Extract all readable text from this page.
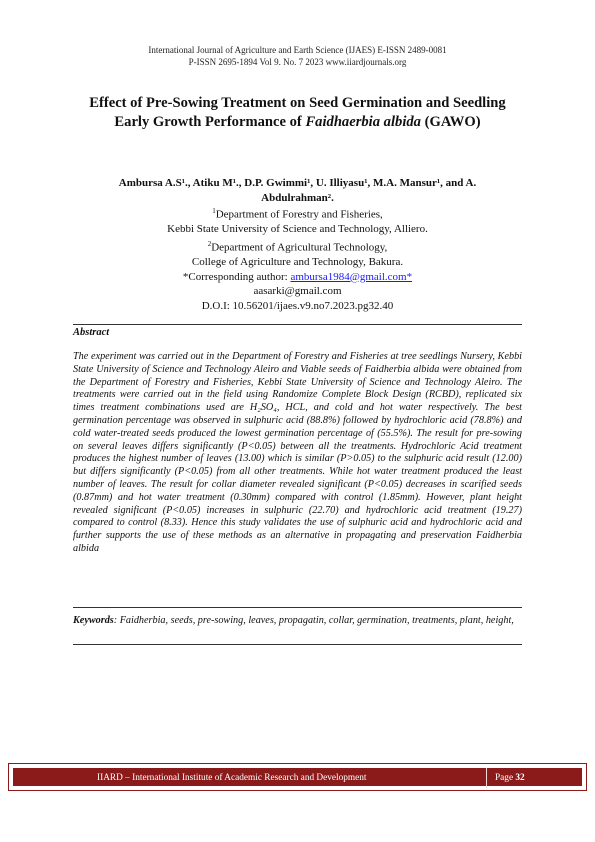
International Journal of Agriculture and Earth Science (IJAES) E-ISSN 2489-0081
P-ISSN 2695-1894 Vol 9. No. 7 2023 www.iiardjournals.org
Effect of Pre-Sowing Treatment on Seed Germination and Seedling Early Growth Performance of Faidhaerbia albida (GAWO)
Ambursa A.S¹., Atiku M¹., D.P. Gwimmi¹, U. Illiyasu¹, M.A. Mansur¹, and A.
Abdulrahman².
$^1$Department of Forestry and Fisheries,
Kebbi State University of Science and Technology, Alliero.
$^2$Department of Agricultural Technology,
College of Agriculture and Technology, Bakura.
*Corresponding author: ambursa1984@gmail.com*
aasarki@gmail.com
D.O.I: 10.56201/ijaes.v9.no7.2023.pg32.40
Abstract
The experiment was carried out in the Department of Forestry and Fisheries at tree seedlings Nursery, Kebbi State University of Science and Technology Aleiro and Viable seeds of Faidherbia albida were obtained from the Department of Forestry and Fisheries, Kebbi State University of Science and Technology Aleiro. The treatments were carried out in the field using Randomize Complete Block Design (RCBD), replicated six times treatment combinations used are H₂SO₄, HCL, and cold and hot water respectively. The best germination percentage was observed in sulphuric acid (88.8%) followed by hydrochloric acid (78.8%) and cold water-treated seeds produced the lowest germination percentage of (55.5%). The result for pre-sowing on several leaves differs significantly (P<0.05) between all the treatments. Hydrochloric Acid treatment produces the highest number of leaves (13.00) which is similar (P>0.05) to the sulphuric acid result (12.00) but differs significantly (P<0.05) from all other treatments. While hot water treatment produced the least number of leaves. The result for collar diameter revealed significant (P<0.05) decreases in scarified seeds (0.87mm) and hot water treatment (0.30mm) compared with control (1.85mm). However, plant height revealed significant (P<0.05) increases in sulphuric (22.70) and hydrochloric acid treatment (19.27) compared to control (8.33). Hence this study validates the use of sulphuric acid and hydrochloric acid and further supports the use of these methods as an alternative in propagating and preservation Faidherbia albida
Keywords: Faidherbia, seeds, pre-sowing, leaves, propagatin, collar, germination, treatments, plant, height,
IIARD – International Institute of Academic Research and Development	Page 32
